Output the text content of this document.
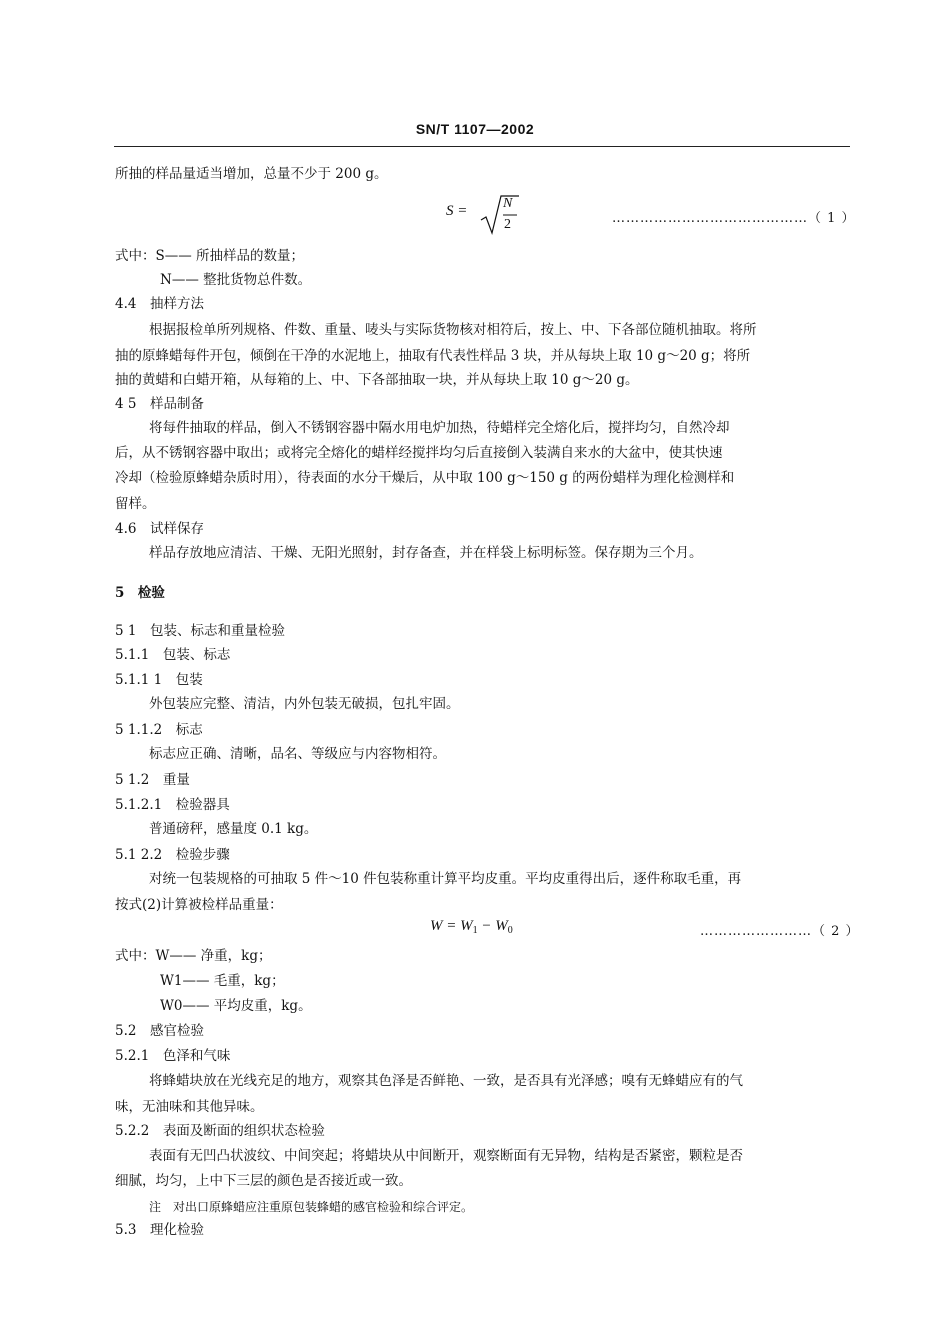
SN/T 1107—2002
所抽的样品量适当增加，总量不少于 200 g。
S =	N
2	……………………………………（ 1 ）
式中：S—— 所抽样品的数量；
N—— 整批货物总件数。
4.4　抽样方法
根据报检单所列规格、件数、重量、唛头与实际货物核对相符后，按上、中、下各部位随机抽取。将所
抽的原蜂蜡每件开包，倾倒在干净的水泥地上，抽取有代表性样品 3 块，并从每块上取 10 g～20 g；将所
抽的黄蜡和白蜡开箱，从每箱的上、中、下各部抽取一块，并从每块上取 10 g～20 g。
4 5　样品制备
将每件抽取的样品，倒入不锈钢容器中隔水用电炉加热，待蜡样完全熔化后，搅拌均匀，自然冷却
后，从不锈钢容器中取出；或将完全熔化的蜡样经搅拌均匀后直接倒入装满自来水的大盆中，使其快速
冷却（检验原蜂蜡杂质时用），待表面的水分干燥后，从中取 100 g～150 g 的两份蜡样为理化检测样和
留样。
4.6　试样保存
样品存放地应清洁、干燥、无阳光照射，封存备查，并在样袋上标明标签。保存期为三个月。
5　检验
5 1　包装、标志和重量检验
5.1.1　包装、标志
5.1.1 1　包装
外包装应完整、清洁，内外包装无破损，包扎牢固。
5 1.1.2　标志
标志应正确、清晰，品名、等级应与内容物相符。
5 1.2　重量
5.1.2.1　检验器具
普通磅秤，感量度 0.1 kg。
5.1 2.2　检验步骤
对统一包装规格的可抽取 5 件～10 件包装称重计算平均皮重。平均皮重得出后，逐件称取毛重，再
按式(2)计算被检样品重量：
$W = W_1 - W_0$	……………………（ 2 ）
式中：W—— 净重，kg；
W1—— 毛重，kg；
W0—— 平均皮重，kg。
5.2　感官检验
5.2.1　色泽和气味
将蜂蜡块放在光线充足的地方，观察其色泽是否鲜艳、一致，是否具有光泽感；嗅有无蜂蜡应有的气
味，无油味和其他异味。
5.2.2　表面及断面的组织状态检验
表面有无凹凸状波纹、中间突起；将蜡块从中间断开，观察断面有无异物，结构是否紧密，颗粒是否
细腻，均匀，上中下三层的颜色是否接近或一致。
注　对出口原蜂蜡应注重原包装蜂蜡的感官检验和综合评定。
5.3　理化检验
